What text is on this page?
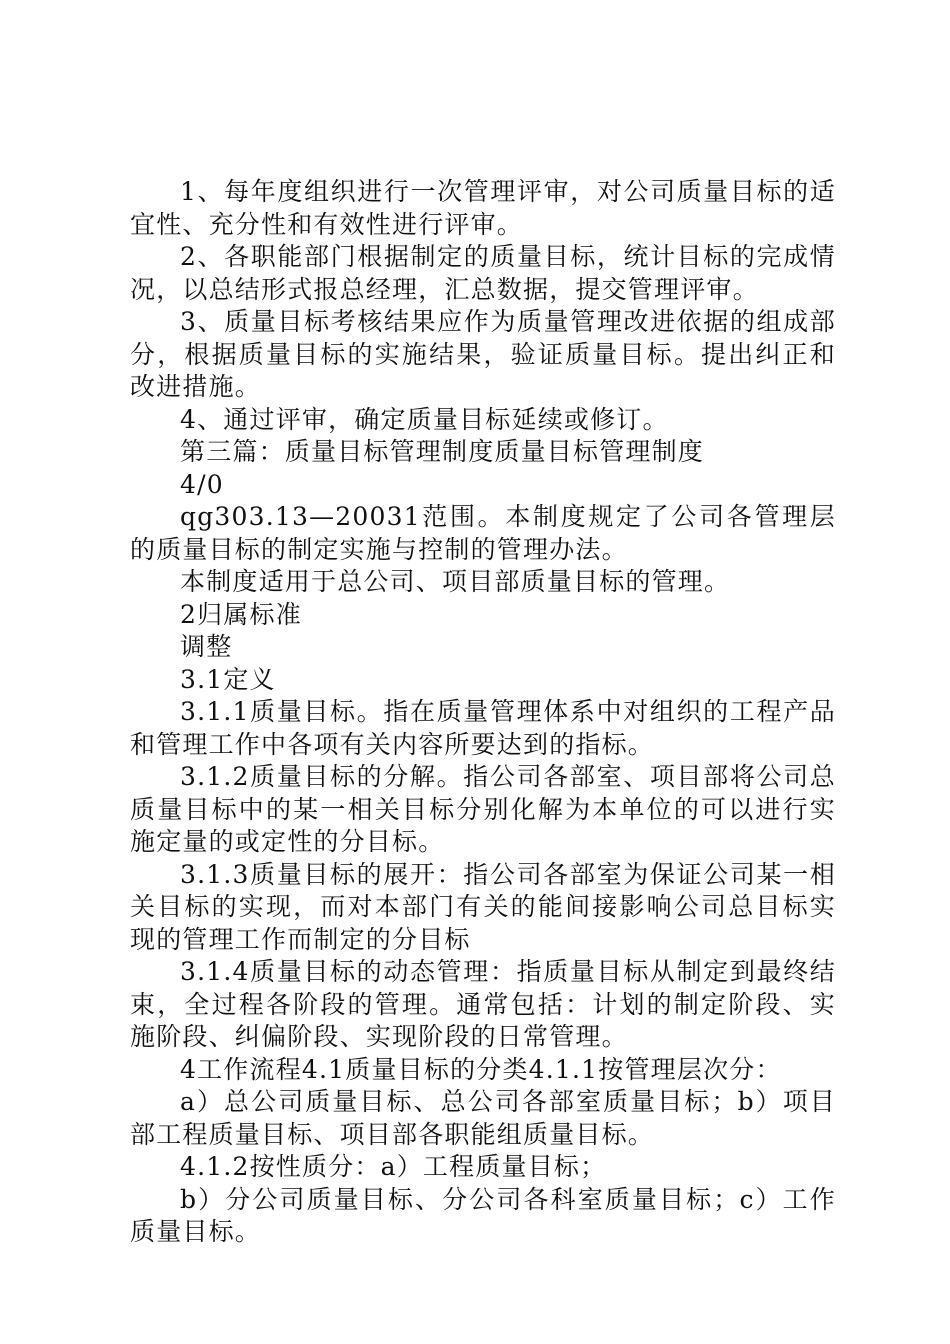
1、每年度组织进行一次管理评审，对公司质量目标的适宜性、充分性和有效性进行评审。

2、各职能部门根据制定的质量目标，统计目标的完成情况，以总结形式报总经理，汇总数据，提交管理评审。

3、质量目标考核结果应作为质量管理改进依据的组成部分，根据质量目标的实施结果，验证质量目标。提出纠正和改进措施。

4、通过评审，确定质量目标延续或修订。

第三篇：质量目标管理制度质量目标管理制度

4/0

qg303.13—20031范围。本制度规定了公司各管理层的质量目标的制定实施与控制的管理办法。

本制度适用于总公司、项目部质量目标的管理。

2归属标准

调整

3.1定义

3.1.1质量目标。指在质量管理体系中对组织的工程产品和管理工作中各项有关内容所要达到的指标。

3.1.2质量目标的分解。指公司各部室、项目部将公司总质量目标中的某一相关目标分别化解为本单位的可以进行实施定量的或定性的分目标。

3.1.3质量目标的展开：指公司各部室为保证公司某一相关目标的实现，而对本部门有关的能间接影响公司总目标实现的管理工作而制定的分目标

3.1.4质量目标的动态管理：指质量目标从制定到最终结束，全过程各阶段的管理。通常包括：计划的制定阶段、实施阶段、纠偏阶段、实现阶段的日常管理。

4工作流程4.1质量目标的分类4.1.1按管理层次分：

a）总公司质量目标、总公司各部室质量目标；b）项目部工程质量目标、项目部各职能组质量目标。

4.1.2按性质分：a）工程质量目标；

b）分公司质量目标、分公司各科室质量目标；c）工作质量目标。
